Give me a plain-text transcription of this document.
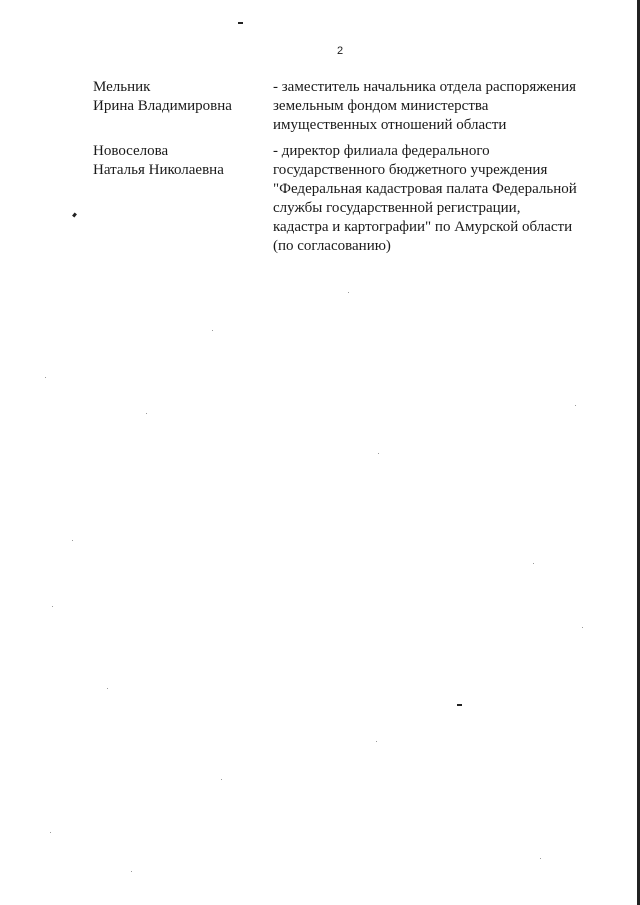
2
Мельник
Ирина Владимировна
- заместитель начальника отдела распоряжения
земельным фондом министерства
имущественных отношений области
Новоселова
Наталья Николаевна
- директор филиала федерального
государственного бюджетного учреждения
"Федеральная кадастровая палата Федеральной
службы государственной регистрации,
кадастра и картографии" по Амурской области
(по согласованию)
